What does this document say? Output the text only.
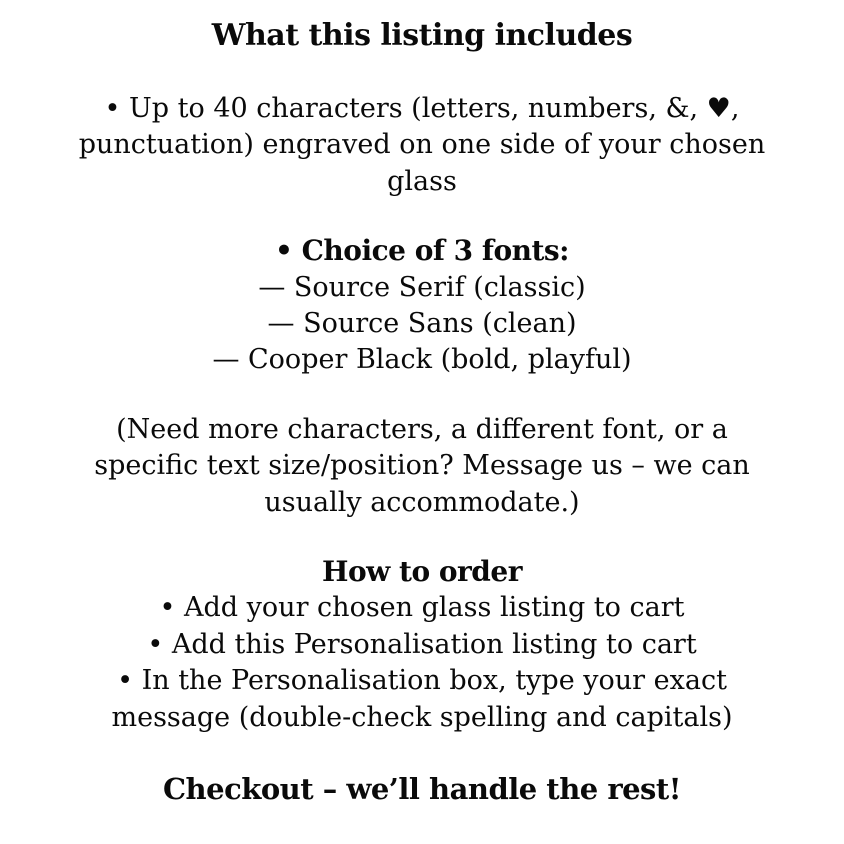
What this listing includes
• Up to 40 characters (letters, numbers, &, ♥,
punctuation) engraved on one side of your chosen
glass
• Choice of 3 fonts:
— Source Serif (classic)
— Source Sans (clean)
— Cooper Black (bold, playful)
(Need more characters, a different font, or a
specific text size/position? Message us – we can
usually accommodate.)
How to order
• Add your chosen glass listing to cart
• Add this Personalisation listing to cart
• In the Personalisation box, type your exact
message (double-check spelling and capitals)
Checkout – we’ll handle the rest!
